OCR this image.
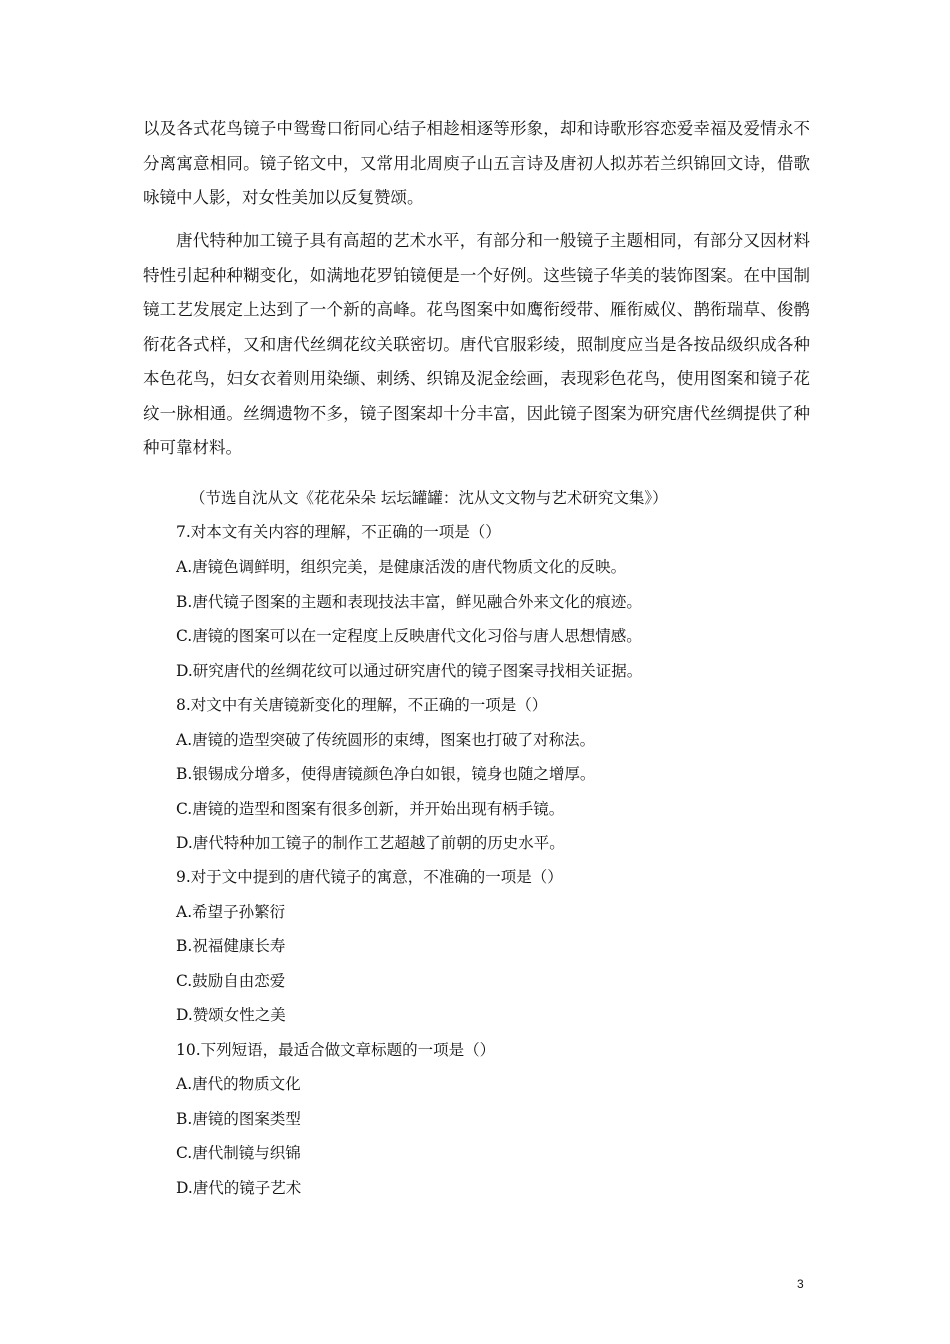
以及各式花鸟镜子中鸳鸯口衔同心结子相趁相逐等形象，却和诗歌形容恋爱幸福及爱情永不分离寓意相同。镜子铭文中，又常用北周庾子山五言诗及唐初人拟苏若兰织锦回文诗，借歌咏镜中人影，对女性美加以反复赞颂。

唐代特种加工镜子具有高超的艺术水平，有部分和一般镜子主题相同，有部分又因材料特性引起种种糊变化，如满地花罗铂镜便是一个好例。这些镜子华美的装饰图案。在中国制镜工艺发展定上达到了一个新的高峰。花鸟图案中如鹰衔绶带、雁衔威仪、鹊衔瑞草、俊鹘衔花各式样，又和唐代丝绸花纹关联密切。唐代官服彩绫，照制度应当是各按品级织成各种本色花鸟，妇女衣着则用染缬、刺绣、织锦及泥金绘画，表现彩色花鸟，使用图案和镜子花纹一脉相通。丝绸遗物不多，镜子图案却十分丰富，因此镜子图案为研究唐代丝绸提供了种种可靠材料。

（节选自沈从文《花花朵朵 坛坛罐罐：沈从文文物与艺术研究文集》）

7.对本文有关内容的理解，不正确的一项是（）

A.唐镜色调鲜明，组织完美，是健康活泼的唐代物质文化的反映。

B.唐代镜子图案的主题和表现技法丰富，鲜见融合外来文化的痕迹。

C.唐镜的图案可以在一定程度上反映唐代文化习俗与唐人思想情感。

D.研究唐代的丝绸花纹可以通过研究唐代的镜子图案寻找相关证据。

8.对文中有关唐镜新变化的理解，不正确的一项是（）

A.唐镜的造型突破了传统圆形的束缚，图案也打破了对称法。

B.银锡成分增多，使得唐镜颜色净白如银，镜身也随之增厚。

C.唐镜的造型和图案有很多创新，并开始出现有柄手镜。

D.唐代特种加工镜子的制作工艺超越了前朝的历史水平。

9.对于文中提到的唐代镜子的寓意，不准确的一项是（）

A.希望子孙繁衍

B.祝福健康长寿

C.鼓励自由恋爱

D.赞颂女性之美

10.下列短语，最适合做文章标题的一项是（）

A.唐代的物质文化

B.唐镜的图案类型

C.唐代制镜与织锦

D.唐代的镜子艺术

3
